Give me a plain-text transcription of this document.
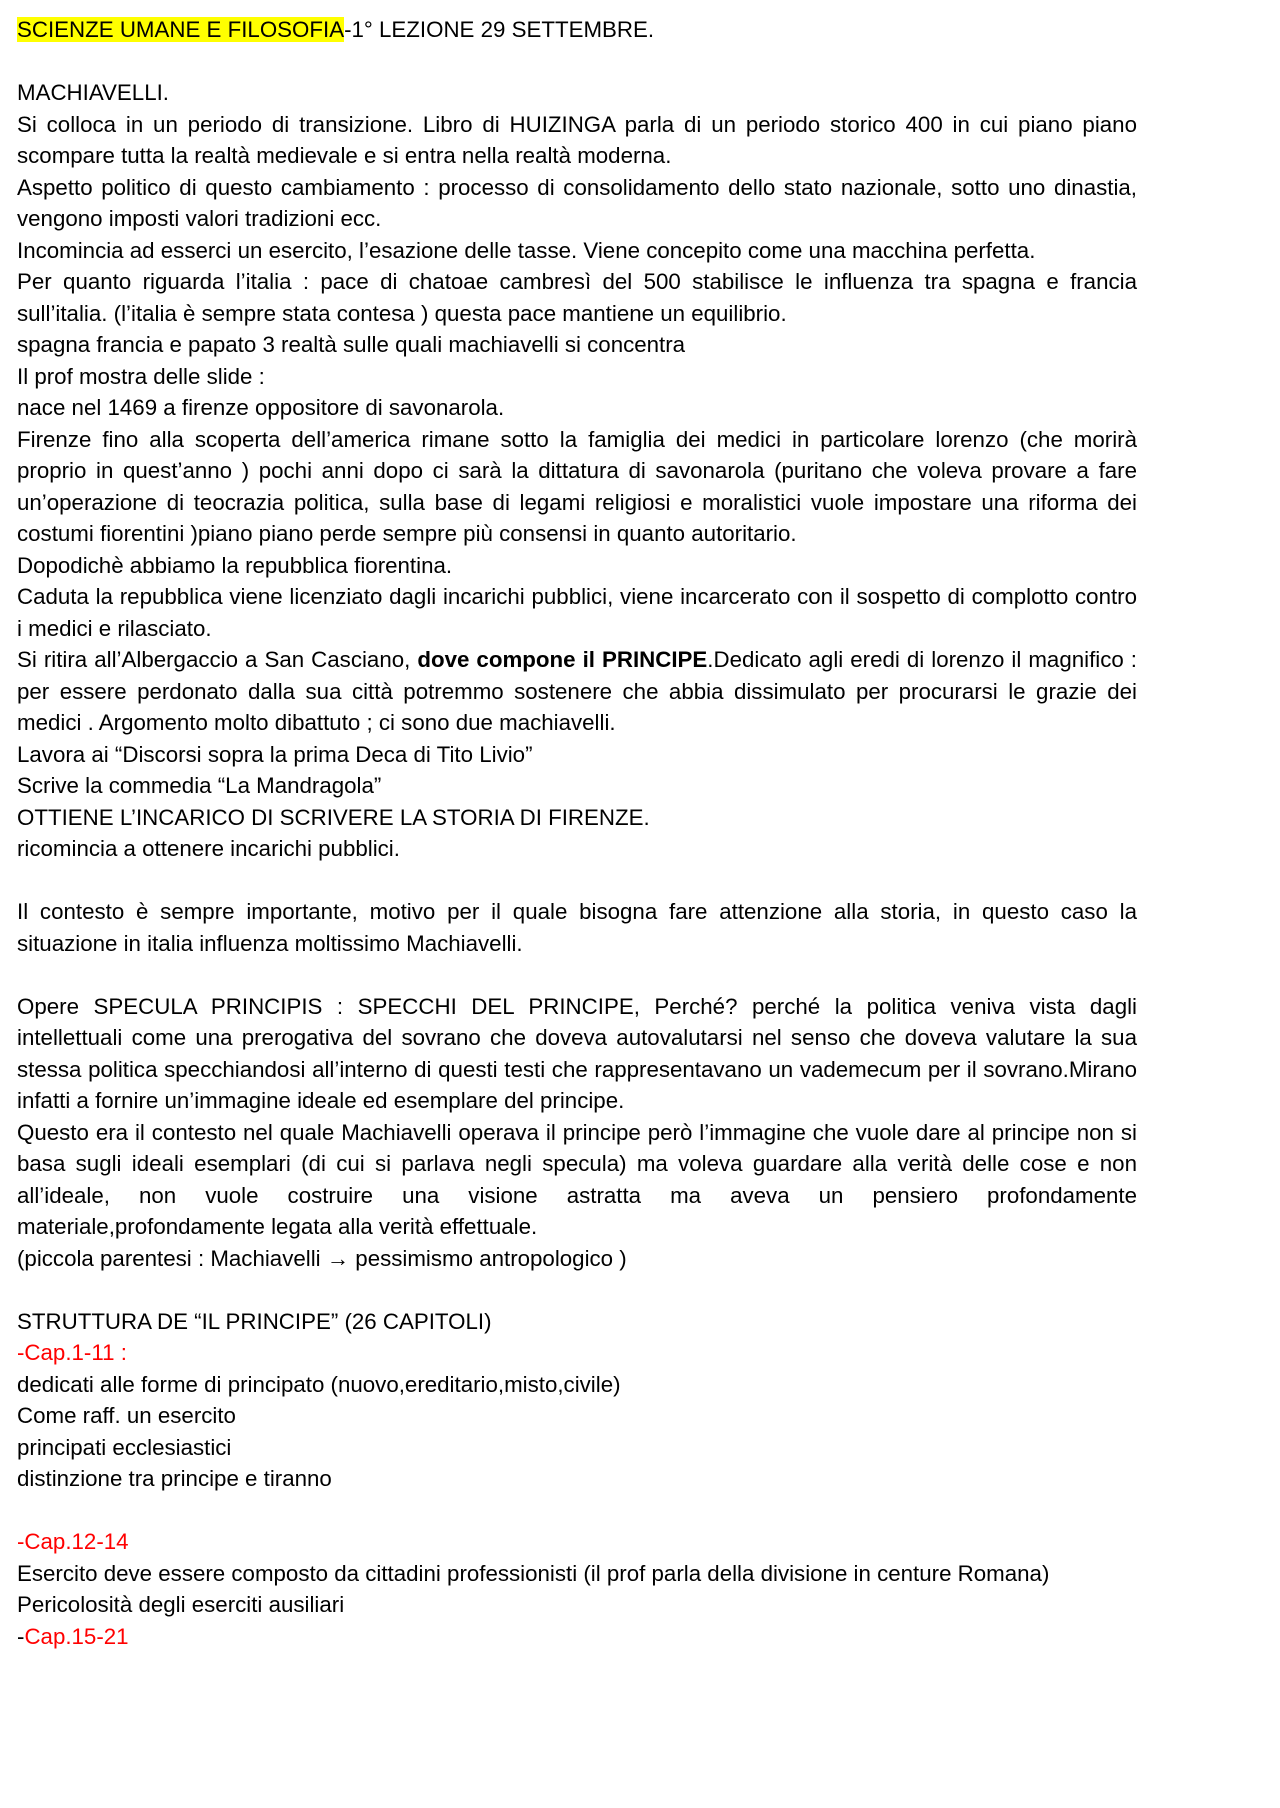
SCIENZE UMANE E FILOSOFIA-1° LEZIONE 29 SETTEMBRE.

MACHIAVELLI.

Si colloca in un periodo di transizione. Libro di HUIZINGA parla di un periodo storico 400 in cui piano piano scompare tutta la realtà medievale e si entra nella realtà moderna.

Aspetto politico di questo cambiamento : processo di consolidamento dello stato nazionale, sotto uno dinastia, vengono imposti valori tradizioni ecc.

Incomincia ad esserci un esercito, l’esazione delle tasse. Viene concepito come una macchina perfetta.

Per quanto riguarda l’italia : pace di chatoae cambresì del 500 stabilisce le influenza tra spagna e francia sull’italia. (l’italia è sempre stata contesa ) questa pace mantiene un equilibrio.

spagna francia e papato 3 realtà sulle quali machiavelli si concentra

Il prof mostra delle slide :

nace nel 1469 a firenze oppositore di savonarola.

Firenze fino alla scoperta dell’america rimane sotto la famiglia dei medici in particolare lorenzo (che morirà proprio in quest’anno ) pochi anni dopo ci sarà la dittatura di savonarola (puritano che voleva provare a fare un’operazione di teocrazia politica, sulla base di legami religiosi e moralistici vuole impostare una riforma dei costumi fiorentini )piano piano perde sempre più consensi in quanto autoritario.

Dopodichè abbiamo la repubblica fiorentina.

Caduta la repubblica viene licenziato dagli incarichi pubblici, viene incarcerato con il sospetto di complotto contro i medici e rilasciato.

Si ritira all’Albergaccio a San Casciano, dove compone il PRINCIPE.Dedicato agli eredi di lorenzo il magnifico : per essere perdonato dalla sua città potremmo sostenere che abbia dissimulato per procurarsi le grazie dei medici . Argomento molto dibattuto ; ci sono due machiavelli.

Lavora ai “Discorsi sopra la prima Deca di Tito Livio”

Scrive la commedia “La Mandragola”

OTTIENE L’INCARICO DI SCRIVERE LA STORIA DI FIRENZE.

ricomincia a ottenere incarichi pubblici.

Il contesto è sempre importante, motivo per il quale bisogna fare attenzione alla storia, in questo caso la situazione in italia influenza moltissimo Machiavelli.

Opere SPECULA PRINCIPIS : SPECCHI DEL PRINCIPE, Perché? perché la politica veniva vista dagli intellettuali come una prerogativa del sovrano che doveva autovalutarsi nel senso che doveva valutare la sua stessa politica specchiandosi all’interno di questi testi che rappresentavano un vademecum per il sovrano.Mirano infatti a fornire un’immagine ideale ed esemplare del principe.

Questo era il contesto nel quale Machiavelli operava il principe però l’immagine che vuole dare al principe non si basa sugli ideali esemplari (di cui si parlava negli specula) ma voleva guardare alla verità delle cose e non all’ideale, non vuole costruire una visione astratta ma aveva un pensiero profondamente materiale,profondamente legata alla verità effettuale.

(piccola parentesi : Machiavelli → pessimismo antropologico )

STRUTTURA DE “IL PRINCIPE” (26 CAPITOLI)

-Cap.1-11 :

dedicati alle forme di principato (nuovo,ereditario,misto,civile)

Come raff. un esercito

principati ecclesiastici

distinzione tra principe e tiranno

-Cap.12-14

Esercito deve essere composto da cittadini professionisti (il prof parla della divisione in centure Romana)

Pericolosità degli eserciti ausiliari

-Cap.15-21
